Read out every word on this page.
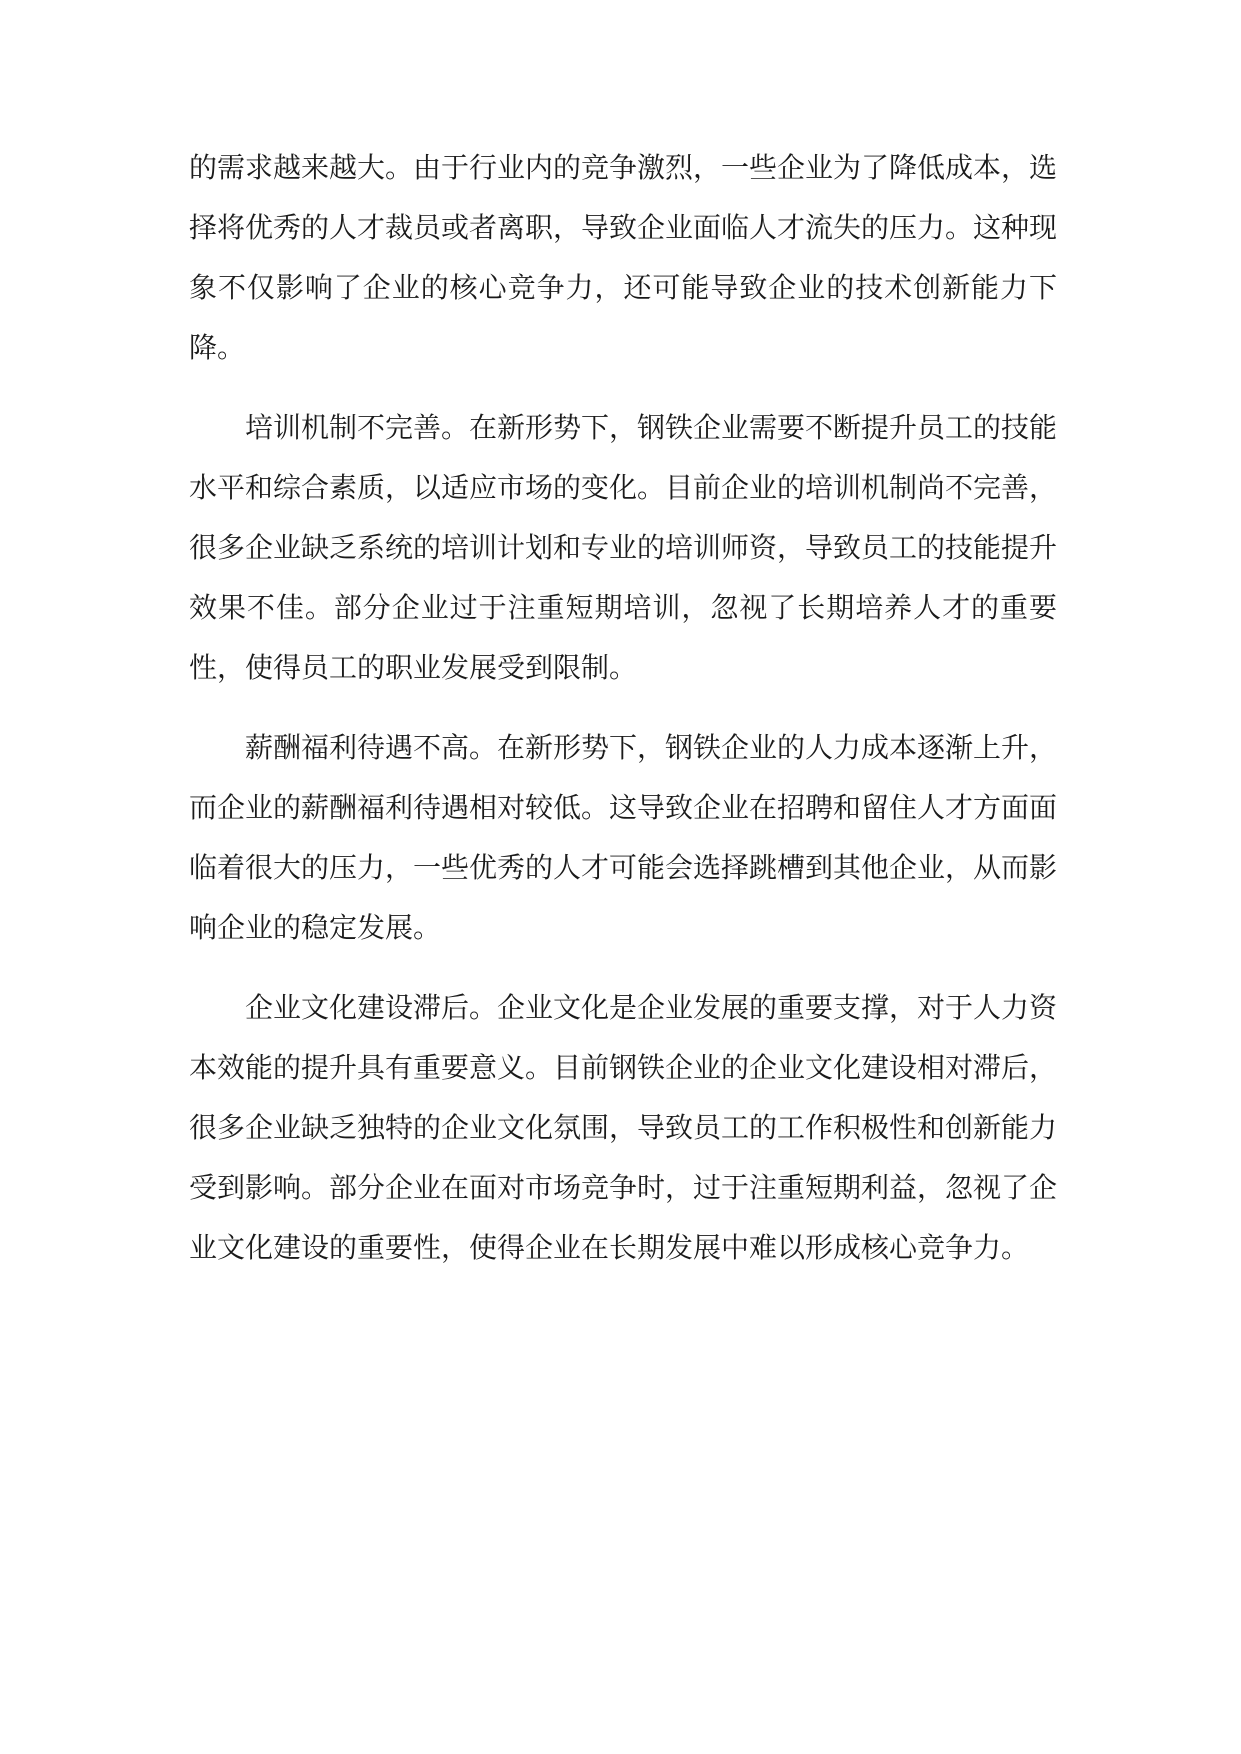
的需求越来越大。由于行业内的竞争激烈，一些企业为了降低成本，选择将优秀的人才裁员或者离职，导致企业面临人才流失的压力。这种现象不仅影响了企业的核心竞争力，还可能导致企业的技术创新能力下降。

培训机制不完善。在新形势下，钢铁企业需要不断提升员工的技能水平和综合素质，以适应市场的变化。目前企业的培训机制尚不完善，很多企业缺乏系统的培训计划和专业的培训师资，导致员工的技能提升效果不佳。部分企业过于注重短期培训，忽视了长期培养人才的重要性，使得员工的职业发展受到限制。

薪酬福利待遇不高。在新形势下，钢铁企业的人力成本逐渐上升，而企业的薪酬福利待遇相对较低。这导致企业在招聘和留住人才方面面临着很大的压力，一些优秀的人才可能会选择跳槽到其他企业，从而影响企业的稳定发展。

企业文化建设滞后。企业文化是企业发展的重要支撑，对于人力资本效能的提升具有重要意义。目前钢铁企业的企业文化建设相对滞后，很多企业缺乏独特的企业文化氛围，导致员工的工作积极性和创新能力受到影响。部分企业在面对市场竞争时，过于注重短期利益，忽视了企业文化建设的重要性，使得企业在长期发展中难以形成核心竞争力。
